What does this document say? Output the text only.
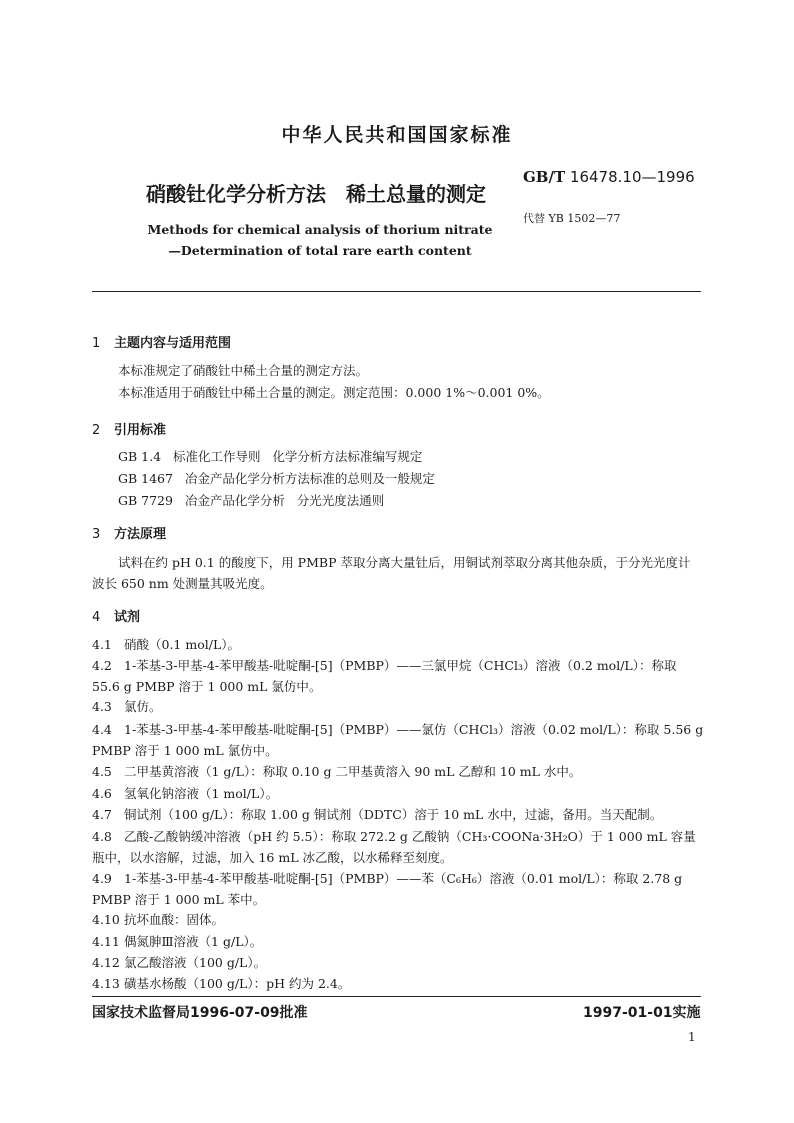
中华人民共和国国家标准
GB/T 16478.10—1996
硝酸钍化学分析方法 稀土总量的测定
代替 YB 1502—77
Methods for chemical analysis of thorium nitrate
—Determination of total rare earth content
1 主题内容与适用范围
本标准规定了硝酸钍中稀土合量的测定方法。
本标准适用于硝酸钍中稀土合量的测定。测定范围：0.000 1%～0.001 0%。
2 引用标准
GB 1.4   标准化工作导则   化学分析方法标准编写规定
GB 1467   冶金产品化学分析方法标准的总则及一般规定
GB 7729   冶金产品化学分析   分光光度法通则
3 方法原理
试料在约 pH 0.1 的酸度下，用 PMBP 萃取分离大量钍后，用铜试剂萃取分离其他杂质，于分光光度计波长 650 nm 处测量其吸光度。
4 试剂
4.1 硝酸（0.1 mol/L）。
4.2 1-苯基-3-甲基-4-苯甲酸基-吡啶酮-[5]（PMBP）——三氯甲烷（CHCl₃）溶液（0.2 mol/L）：称取 55.6 g PMBP 溶于 1 000 mL 氯仿中。
4.3 氯仿。
4.4 1-苯基-3-甲基-4-苯甲酸基-吡啶酮-[5]（PMBP）——氯仿（CHCl₃）溶液（0.02 mol/L）：称取 5.56 g PMBP 溶于 1 000 mL 氯仿中。
4.5 二甲基黄溶液（1 g/L）：称取 0.10 g 二甲基黄溶入 90 mL 乙醇和 10 mL 水中。
4.6 氢氧化钠溶液（1 mol/L）。
4.7 铜试剂（100 g/L）：称取 1.00 g 铜试剂（DDTC）溶于 10 mL 水中，过滤，备用。当天配制。
4.8 乙酸-乙酸钠缓冲溶液（pH 约 5.5）：称取 272.2 g 乙酸钠（CH₃·COONa·3H₂O）于 1 000 mL 容量瓶中，以水溶解，过滤，加入 16 mL 冰乙酸，以水稀释至刻度。
4.9 1-苯基-3-甲基-4-苯甲酸基-吡啶酮-[5]（PMBP）——苯（C₆H₆）溶液（0.01 mol/L）：称取 2.78 g PMBP 溶于 1 000 mL 苯中。
4.10 抗坏血酸：固体。
4.11 偶氮胂Ⅲ溶液（1 g/L）。
4.12 氯乙酸溶液（100 g/L）。
4.13 磺基水杨酸（100 g/L）：pH 约为 2.4。
国家技术监督局1996-07-09批准	1997-01-01实施
1
